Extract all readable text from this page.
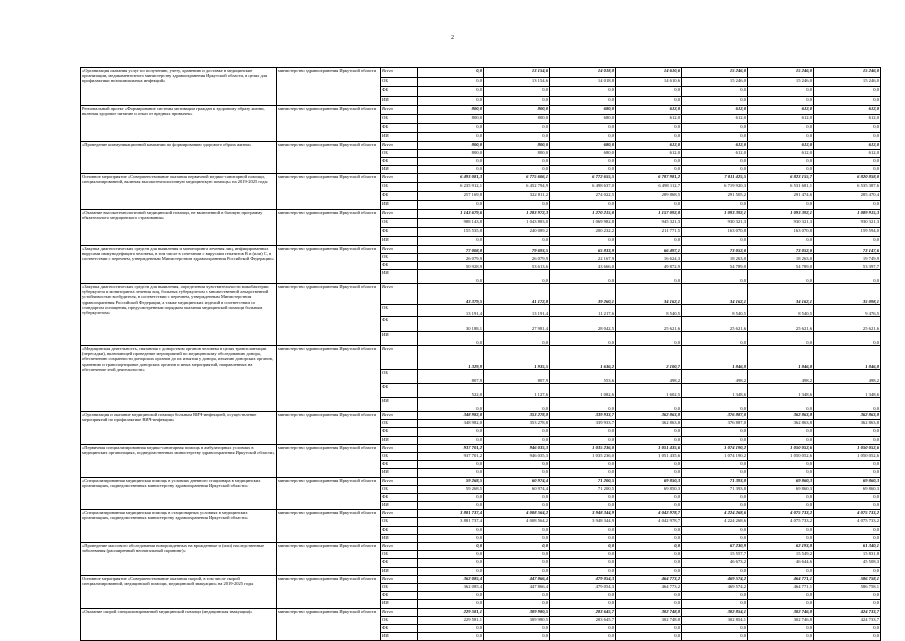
2
«Организация оказания услуг по получению, учету, хранению и доставке в медицинские организации, медикаментозного министерству здравоохранения Иркутской области, в целях для профилактики нозокомиальных инфекций»	министерство здравоохранения Иркутской области	Всего	0,0	13 154,6	14 018,8	14 610,6	15 246,0	15 246,0	15 246,0
		ОБ	0,0	13 154,6	14 018,8	14 610,6	15 246,0	15 246,0	15 246,0
		ФБ	0,0	0,0	0,0	0,0	0,0	0,0	0,0
		ИИ	0,0	0,0	0,0	0,0	0,0	0,0	0,0
Региональный проект «Формирование системы мотивации граждан к здоровому образу жизни, включая здоровое питание и отказ от вредных привычек»	министерство здравоохранения Иркутской области	Всего	800,0	800,0	680,0	612,0	612,0	612,0	612,0
		ОБ	800,0	800,0	680,0	612,0	612,0	612,0	612,0
		ФБ	0,0	0,0	0,0	0,0	0,0	0,0	0,0
		ИИ	0,0	0,0	0,0	0,0	0,0	0,0	0,0
«Проведение коммуникационной кампании по формированию здорового образа жизни»	министерство здравоохранения Иркутской области	Всего	800,0	800,0	680,0	612,0	612,0	612,0	612,0
		ОБ	800,0	800,0	680,0	612,0	612,0	612,0	612,0
		ФБ	0,0	0,0	0,0	0,0	0,0	0,0	0,0
		ИИ	0,0	0,0	0,0	0,0	0,0	0,0	0,0
Основное мероприятие «Совершенствование оказания первичной медико-санитарной помощи, специализированной, включая высокотехнологичную медицинскую помощь» на 2019-2025 годы	министерство здравоохранения Иркутской области	Всего	6 493 081,3	6 775 606,1	6 772 655,5	6 787 981,2	7 011 425,5	6 823 155,7	6 820 858,0
		ОБ	6 235 912,1	6 452 794,9	6 498 637,0	6 498 112,7	6 719 920,3	6 531 681,1	6 535 387,6
		ФБ	257 169,8	322 811,2	274 022,5	289 868,5	291 505,2	291 474,6	285 470,4
		ИИ	0,0	0,0	0,0	0,0	0,0	0,0	0,0
«Оказание высокотехнологичной медицинской помощи, не включенной в базовую программу обязательного медицинского страхования»	министерство здравоохранения Иркутской области	Всего	1 143 679,6	1 283 972,3	1 270 215,0	1 157 092,8	1 093 392,1	1 093 392,1	1 089 915,3
		ОБ	988 143,8	1 043 883,0	1 069 982,8	945 321,3	930 321,3	930 321,3	930 321,3
		ФБ	155 535,8	240 089,2	200 232,2	211 771,5	163 070,8	163 070,8	159 594,0
		ИИ	0,0	0,0	0,0	0,0	0,0	0,0	0,0
«Закупка диагностических средств для выявления и мониторинга лечения лиц, инфицированных вирусами иммунодефицита человека, в том числе в сочетании с вирусами гепатитов В и (или) С, в соответствии с перечнем, утвержденным Министерством здравоохранения Российской Федерации»	министерство здравоохранения Иркутской области	Всего	77 008,8	79 693,5	65 833,9	66 497,1	73 052,0	73 052,0	73 147,6
		ОБ	26 079,9	26 079,9	22 167,9	16 624,3	18 263,0	18 263,0	19 749,9
		ФБ	50 928,9	53 613,6	43 666,0	49 872,9	54 789,0	54 789,0	53 397,7
		ИИ	0,0	0,0	0,0	0,0	0,0	0,0	0,0
«Закупка диагностических средств для выявления, определения чувствительности микобактерии туберкулеза и мониторинга лечения лиц, больных туберкулезом с множественной лекарственной устойчивостью возбудителя, в соответствии с перечнем, утвержденным Министерством здравоохранения Российской Федерации, а также медицинских изделий в соответствии со стандартом оснащения, предусмотренным порядком оказания медицинской помощи больным туберкулезом»	министерство здравоохранения Иркутской области	Всего	43 379,5	41 172,8	39 260,1	34 162,1	34 162,1	34 162,1	35 098,1
		ОБ	13 191,4	13 191,4	11 217,6	8 540,5	8 540,5	8 540,5	9 476,5
		ФБ	30 188,1	27 981,4	28 042,5	25 621,6	25 621,6	25 621,6	25 621,6
		ИИ	0,0	0,0	0,0	0,0	0,0	0,0	0,0
«Медицинская деятельность, связанная с донорством органов человека в целях трансплантации (пересадки), включающей проведение мероприятий по медицинскому обследованию донора, обеспечению сохранности донорских органов до их изъятия у донора, изъятию донорских органов, хранению и транспортировке донорских органов и иных мероприятий, направленных на обеспечение этой деятельности»	министерство здравоохранения Иркутской области	Всего	1 329,9	1 935,5	1 636,2	2 100,7	1 846,8	1 846,8	1 846,8
		ОБ	807,9	807,9	553,6	498,2	498,2	498,2	498,2
		ФБ	522,0	1 127,6	1 082,6	1 602,5	1 348,6	1 348,6	1 348,6
		ИИ	0,0	0,0	0,0	0,0	0,0	0,0	0,0
«Организация и оказание медицинской помощи больным ВИЧ-инфекцией, осуществление мероприятий по профилактике ВИЧ-инфекции»	министерство здравоохранения Иркутской области	Всего	348 982,0	353 278,8	339 933,7	362 863,8	376 887,0	362 863,8	362 863,8
		ОБ	348 982,0	353 278,8	339 933,7	362 863,8	376 887,0	362 863,8	362 863,8
		ФБ	0,0	0,0	0,0	0,0	0,0	0,0	0,0
		ИИ	0,0	0,0	0,0	0,0	0,0	0,0	0,0
«Первичная специализированная медико-санитарная помощь в амбулаторных условиях в медицинских организациях, подведомственных министерству здравоохранения Иркутской области»	министерство здравоохранения Иркутской области	Всего	937 701,2	946 035,3	1 035 236,0	1 051 435,6	1 074 190,2	1 050 052,6	1 050 052,6
		ОБ	937 701,2	946 035,3	1 035 236,0	1 051 435,6	1 074 190,2	1 050 052,6	1 050 052,6
		ФБ	0,0	0,0	0,0	0,0	0,0	0,0	0,0
		ИИ	0,0	0,0	0,0	0,0	0,0	0,0	0,0
«Специализированная медицинская помощь в условиях дневного стационара в медицинских организациях, подведомственных министерству здравоохранения Иркутской области»	министерство здравоохранения Иркутской области	Всего	59 268,5	60 974,4	71 200,5	69 850,3	71 393,8	69 860,3	69 860,3
		ОБ	59 268,5	60 974,4	71 200,5	69 850,3	71 393,8	69 860,3	69 860,3
		ФБ	0,0	0,0	0,0	0,0	0,0	0,0	0,0
		ИИ	0,0	0,0	0,0	0,0	0,0	0,0	0,0
«Специализированная медицинская помощь в стационарных условиях в медицинских организациях, подведомственных министерству здравоохранения Иркутской области»	министерство здравоохранения Иркутской области	Всего	3 881 737,4	4 008 564,2	3 948 344,9	4 042 978,7	4 224 268,6	4 075 733,2	4 075 733,2
		ОБ	3 881 737,4	4 008 564,2	3 948 344,9	4 042 978,7	4 224 268,6	4 075 733,2	4 075 733,2
		ФБ	0,0	0,0	0,0	0,0	0,0	0,0	0,0
		ИИ	0,0	0,0	0,0	0,0	0,0	0,0	0,0
«Проведение массового обследования новорожденных на врожденные и (или) наследственные заболевания (расширенный неонатальный скрининг)»	министерство здравоохранения Иркутской области	Всего	0,0	0,0	0,0	0,0	67 230,9	62 193,8	61 340,1
		ОБ	0,0	0,0	0,0	0,0	15 557,7	15 549,2	15 831,8
		ФБ	0,0	0,0	0,0	0,0	46 673,2	46 644,6	45 508,3
		ИИ	0,0	0,0	0,0	0,0	0,0	0,0	0,0
Основное мероприятие «Совершенствование оказания скорой, в том числе скорой специализированной, медицинской помощи, медицинской эвакуации» на 2019-2025 годы	министерство здравоохранения Иркутской области	Всего	362 085,4	447 866,4	479 054,3	464 773,2	469 574,2	464 771,1	586 758,1
		ОБ	362 085,4	447 866,4	479 054,3	464 773,2	469 574,2	464 771,1	586 758,1
		ФБ	0,0	0,0	0,0	0,0	0,0	0,0	0,0
		ИИ	0,0	0,0	0,0	0,0	0,0	0,0	0,0
«Оказание скорой специализированной медицинской помощи (медицинская эвакуация)»	министерство здравоохранения Иркутской области	Всего	229 581,1	309 980,5	283 645,7	302 748,8	302 854,1	302 746,8	424 733,7
		ОБ	229 581,1	309 980,5	283 645,7	302 748,8	302 854,1	302 746,8	424 733,7
		ФБ	0,0	0,0	0,0	0,0	0,0	0,0	0,0
		ИИ	0,0	0,0	0,0	0,0	0,0	0,0	0,0
